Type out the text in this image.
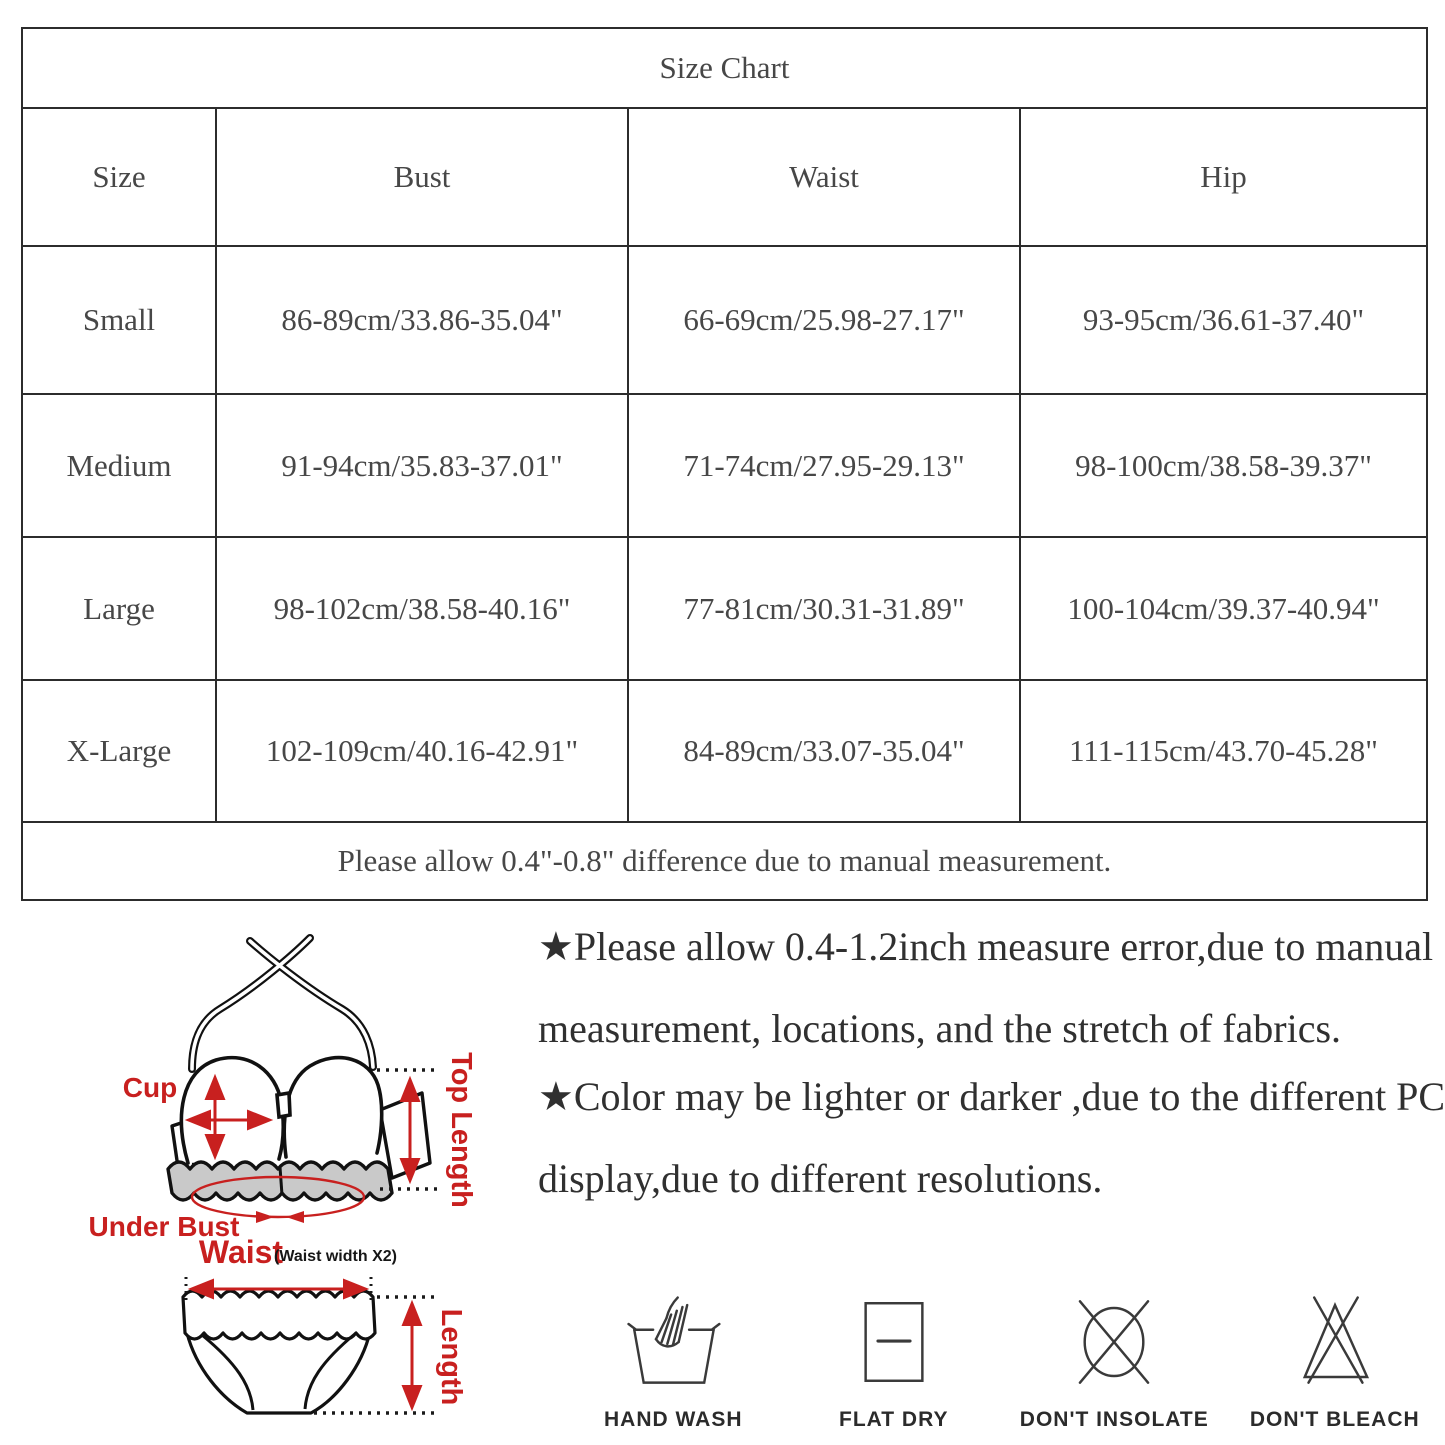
Size Chart			
Size	Bust	Waist	Hip
Small	86-89cm/33.86-35.04"	66-69cm/25.98-27.17"	93-95cm/36.61-37.40"
Medium	91-94cm/35.83-37.01"	71-74cm/27.95-29.13"	98-100cm/38.58-39.37"
Large	98-102cm/38.58-40.16"	77-81cm/30.31-31.89"	100-104cm/39.37-40.94"
X-Large	102-109cm/40.16-42.91"	84-89cm/33.07-35.04"	111-115cm/43.70-45.28"
Please allow 0.4"-0.8" difference due to manual measurement.			
Cup
Under Bust
Top Length
Waist
(Waist width X2)
Length

★Please allow 0.4-1.2inch measure error,due to manual measurement, locations, and the stretch of fabrics.

★Color may be lighter or darker ,due to the different PC display,due to different resolutions.

HAND WASH	FLAT DRY	DON'T INSOLATE DON'T BLEACH
